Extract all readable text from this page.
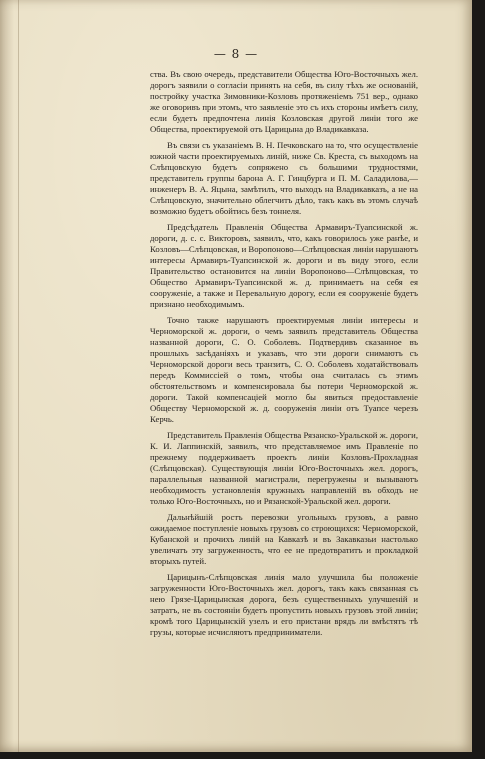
— 8 —

ства. Въ свою очередь, представители Общества Юго-Восточныхъ жел. дорогъ заявили о согласiи принять на себя, въ силу тѣхъ же основанiй, постройку участка Зимовники-Козловъ протяженiемъ 751 вер., однако же оговоривъ при этомъ, что заявленiе это съ ихъ стороны имѣетъ силу, если будетъ предпочтена линiя Козловская другой линiи того же Общества, проектируемой отъ Царицына до Владикавказа.

Въ связи съ указанiемъ В. Н. Печковскаго на то, что осуществленiе южной части проектируемыхъ линiй, ниже Св. Креста, съ выходомъ на Слѣпцовскую будетъ сопряжено съ большими трудностями, представитель группы барона А. Г. Гинцбурга и П. М. Саладилова,—инженеръ В. А. Яцына, замѣтилъ, что выходъ на Владикавказъ, а не на Слѣпцовскую, значительно облегчитъ дѣло, такъ какъ въ этомъ случаѣ возможно будетъ обойтись безъ тоннеля.

Предсѣдатель Правленiя Общества Армавиръ-Туапсинской ж. дороги, д. с. с. Викторовъ, заявилъ, что, какъ говорилось уже ранѣе, и Козловъ—Слѣпцовская, и Воропоново—Слѣпцовская линiи нарушаютъ интересы Армавиръ-Туапсинской ж. дороги и въ виду этого, если Правительство остановится на линiи Воропоново—Слѣпцовская, то Общество Армавиръ-Туапсинской ж. д. принимаетъ на себя ея сооруженiе, а также и Перевальную дорогу, если ея сооруженiе будетъ признано необходимымъ.

Точно также нарушаютъ проектируемыя линiи интересы и Черноморской ж. дороги, о чемъ заявилъ представитель Общества названной дороги, С. О. Соболевъ. Подтвердивъ сказанное въ прошлыхъ засѣданiяхъ и указавъ, что эти дороги снимаютъ съ Черноморской дороги весь транзитъ, С. О. Соболевъ ходатайствовалъ передъ Коммиссiей о томъ, чтобы она считалась съ этимъ обстоятельствомъ и компенсировала бы потери Черноморской ж. дороги. Такой компенсацiей могло бы явиться предоставленiе Обществу Черноморской ж. д. сооруженiя линiи отъ Туапсе черезъ Керчь.

Представитель Правленiя Общества Рязанско-Уральской ж. дороги, К. И. Лаппинскiй, заявилъ, что представляемое имъ Правленiе по прежнему поддерживаетъ проектъ линiи Козловъ-Прохладная (Слѣпцовская). Существующiя линiи Юго-Восточныхъ жел. дорогъ, параллельныя названной магистрали, перегружены и вызываютъ необходимость установленiя кружныхъ направленiй въ обходъ не только Юго-Восточныхъ, но и Рязанской-Уральской жел. дороги.

Дальнѣйшiй ростъ перевозки угольныхъ грузовъ, а равно ожидаемое поступленiе новыхъ грузовъ со строющихся: Черноморской, Кубанской и прочихъ линiй на Кавказѣ и въ Закавказьи настолько увеличатъ эту загруженность, что ее не предотвратитъ и прокладкой вторыхъ путей.

Царицынъ-Слѣпцовская линiя мало улучшила бы положенiе загруженности Юго-Восточныхъ жел. дорогъ, такъ какъ связанная съ нею Грязе-Царицынская дорога, безъ существенныхъ улучшенiй и затратъ, не въ состоянiи будетъ пропустить новыхъ грузовъ этой линiи; кромѣ того Царицынскiй узелъ и его пристани врядъ ли вмѣстятъ тѣ грузы, которые исчисляютъ предприниматели.
